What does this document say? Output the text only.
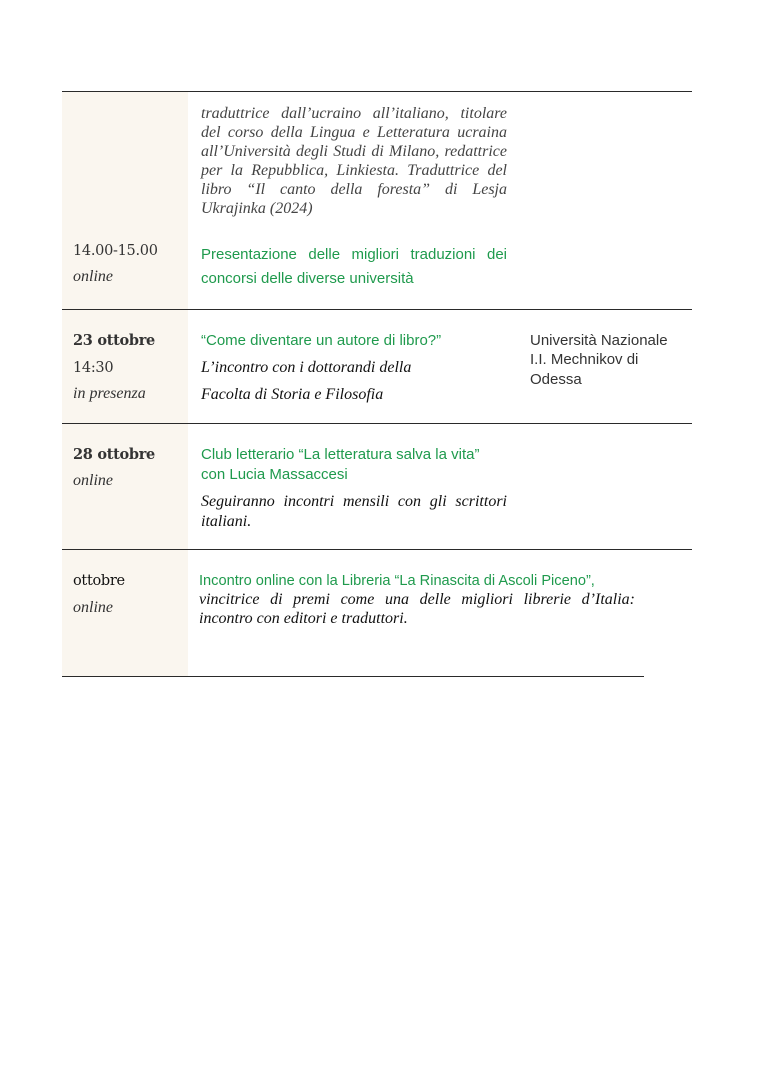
traduttrice dall’ucraino all’italiano, titolare del corso della Lingua e Letteratura ucraina all’Università degli Studi di Milano, redattrice per la Repubblica, Linkiesta. Traduttrice del libro “Il canto della foresta” di Lesja Ukrajinka (2024)
14.00-15.00
online
Presentazione delle migliori traduzioni dei concorsi delle diverse università
23 ottobre
14:30
in presenza
“Come diventare un autore di libro?”
L’incontro con i dottorandi della
Facolta di Storia e Filosofia
Università Nazionale
I.I. Mechnikov di
Odessa
28 ottobre
online
Club letterario “La letteratura salva la vita”
con Lucia Massaccesi
Seguiranno incontri mensili con gli scrittori italiani.
ottobre
online
Incontro online con la Libreria “La Rinascita di Ascoli Piceno”,
vincitrice di premi come una delle migliori librerie d’Italia: incontro con editori e traduttori.
